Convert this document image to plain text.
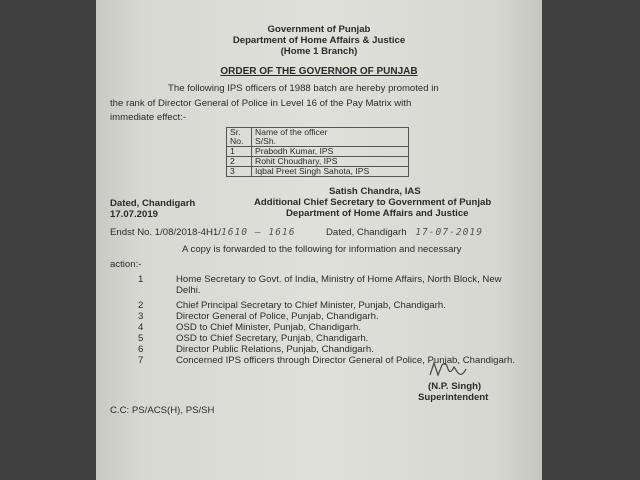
Government of Punjab
Department of Home Affairs & Justice
(Home 1 Branch)
ORDER OF THE GOVERNOR OF PUNJAB
The following IPS officers of 1988 batch are hereby promoted in
the rank of Director General of Police in Level 16 of the Pay Matrix with
immediate effect:-
Sr.
No.	Name of the officer
S/Sh.
1	Prabodh Kumar, IPS
2	Rohit Choudhary, IPS
3	Iqbal Preet Singh Sahota, IPS
Satish Chandra, IAS
Additional Chief Secretary to Government of Punjab
Department of Home Affairs and Justice
Dated, Chandigarh
17.07.2019
Endst No. 1/08/2018-4H1/1610 – 1616	Dated, Chandigarh 17-07-2019
A copy is forwarded to the following for information and necessary
action:-
1	Home Secretary to Govt. of India, Ministry of Home Affairs, North Block, New Delhi.
2	Chief Principal Secretary to Chief Minister, Punjab, Chandigarh.
3	Director General of Police, Punjab, Chandigarh.
4	OSD to Chief Minister, Punjab, Chandigarh.
5	OSD to Chief Secretary, Punjab, Chandigarh.
6	Director Public Relations, Punjab, Chandigarh.
7	Concerned IPS officers through Director General of Police, Punjab, Chandigarh.
(N.P. Singh)
Superintendent
C.C: PS/ACS(H), PS/SH
